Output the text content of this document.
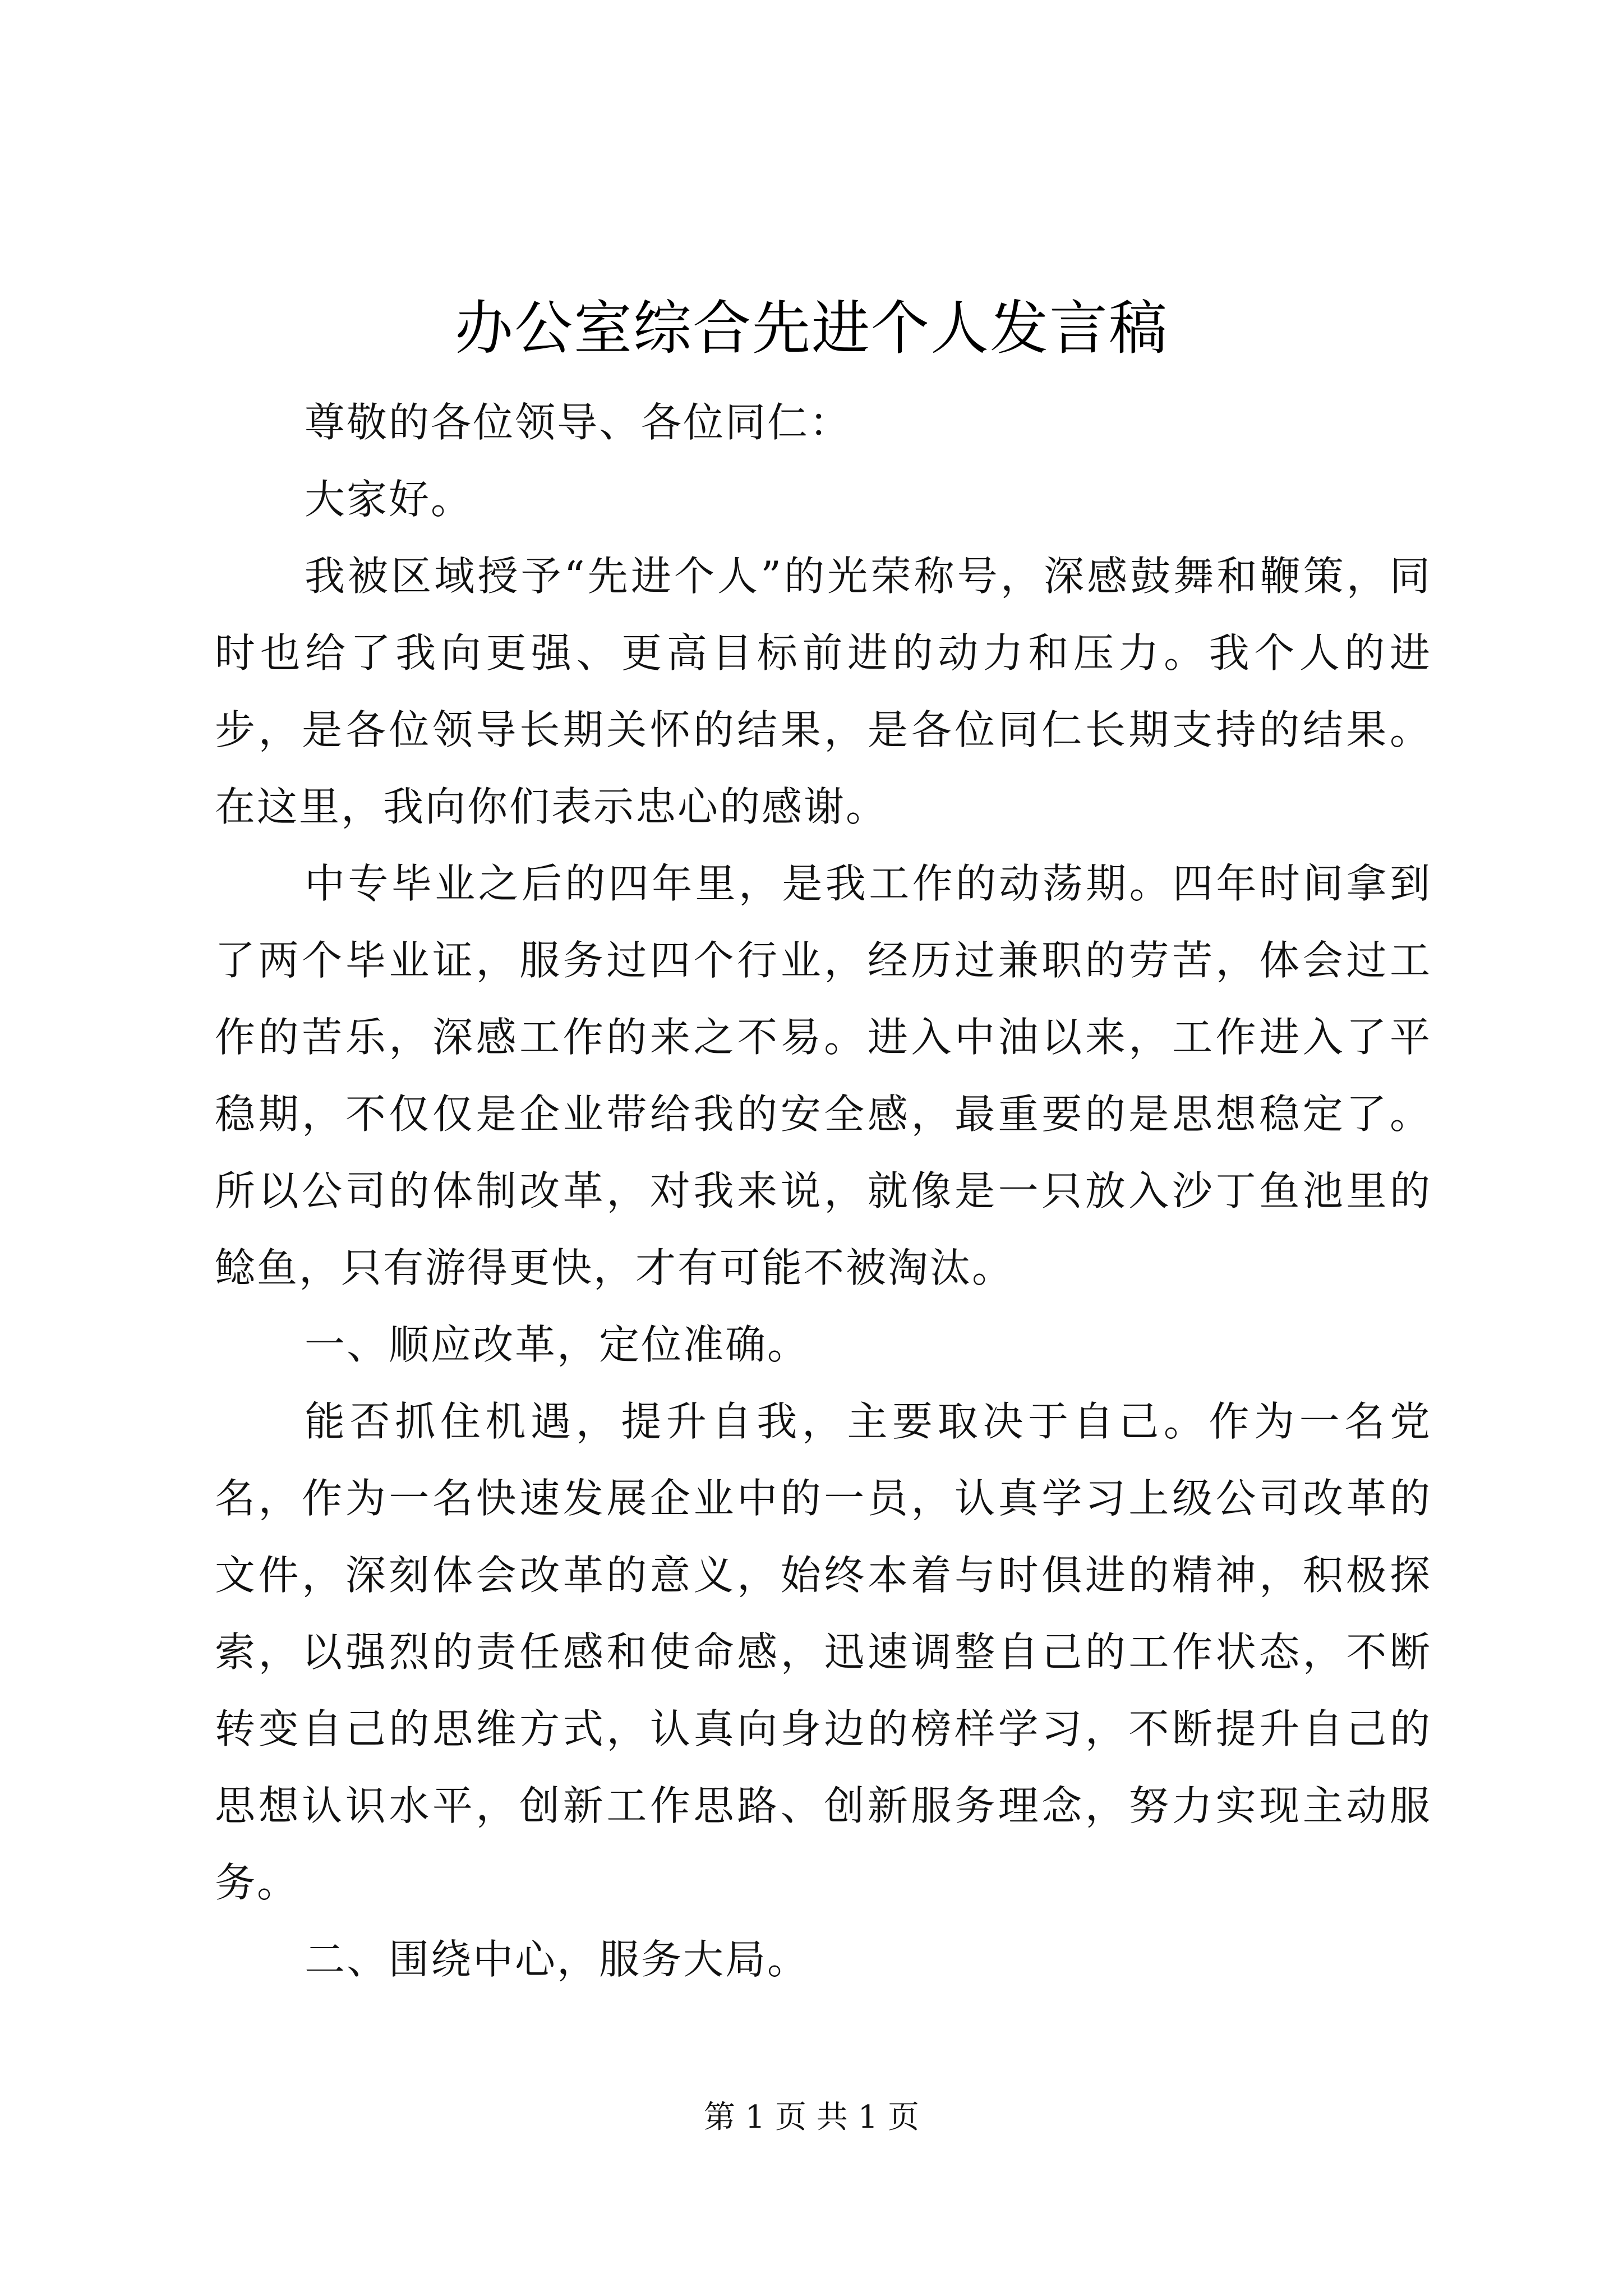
办公室综合先进个人发言稿

尊敬的各位领导、各位同仁：

大家好。

我被区域授予“先进个人”的光荣称号，深感鼓舞和鞭策，同时也给了我向更强、更高目标前进的动力和压力。我个人的进步，是各位领导长期关怀的结果，是各位同仁长期支持的结果。在这里，我向你们表示忠心的感谢。

中专毕业之后的四年里，是我工作的动荡期。四年时间拿到了两个毕业证，服务过四个行业，经历过兼职的劳苦，体会过工作的苦乐，深感工作的来之不易。进入中油以来，工作进入了平稳期，不仅仅是企业带给我的安全感，最重要的是思想稳定了。所以公司的体制改革，对我来说，就像是一只放入沙丁鱼池里的鲶鱼，只有游得更快，才有可能不被淘汰。

一、顺应改革，定位准确。

能否抓住机遇，提升自我，主要取决于自己。作为一名党名，作为一名快速发展企业中的一员，认真学习上级公司改革的文件，深刻体会改革的意义，始终本着与时俱进的精神，积极探索，以强烈的责任感和使命感，迅速调整自己的工作状态，不断转变自己的思维方式，认真向身边的榜样学习，不断提升自己的思想认识水平，创新工作思路、创新服务理念，努力实现主动服务。

二、围绕中心，服务大局。

第 1 页 共 1 页
